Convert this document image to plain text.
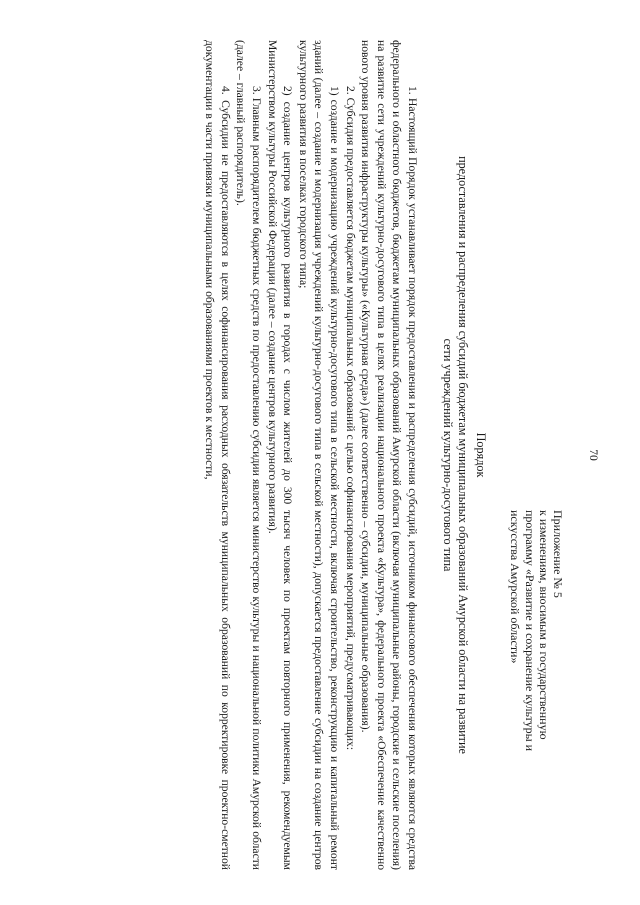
70
Приложение № 5
к изменениям, вносимым в государственную
программу «Развитие и сохранение культуры и
искусства Амурской области»
Порядок
предоставления и распределения субсидий бюджетам муниципальных образований Амурской области на развитие
сети учреждений культурно-досугового типа

1. Настоящий Порядок устанавливает порядок предоставления и распределения субсидий, источником финансового обеспечения которых являются средства федерального и областного бюджетов, бюджетам муниципальных образований Амурской области (включая муниципальные районы, городские и сельские поселения) на развитие сети учреждений культурно-досугового типа в целях реализации национального проекта «Культура», федерального проекта «Обеспечение качественно нового уровня развития инфраструктуры культуры» («Культурная среда») (далее соответственно – субсидии, муниципальные образования).

2. Субсидия предоставляется бюджетам муниципальных образований с целью софинансирования мероприятий, предусматривающих:

1) создание и модернизацию учреждений культурно-досугового типа в сельской местности, включая строительство, реконструкцию и капитальный ремонт зданий (далее – создание и модернизация учреждений культурно-досугового типа в сельской местности), допускается предоставление субсидии на создание центров культурного развития в поселках городского типа;

2) создание центров культурного развития в городах с числом жителей до 300 тысяч человек по проектам повторного применения, рекомендуемым Министерством культуры Российской Федерации (далее – создание центров культурного развития).

3. Главным распорядителем бюджетных средств по предоставлению субсидии является министерство культуры и национальной политики Амурской области (далее – главный распорядитель).

4. Субсидии не предоставляются в целях софинансирования расходных обязательств муниципальных образований по корректировке проектно-сметной документации в части привязки муниципальными образованиями проектов к местности,
